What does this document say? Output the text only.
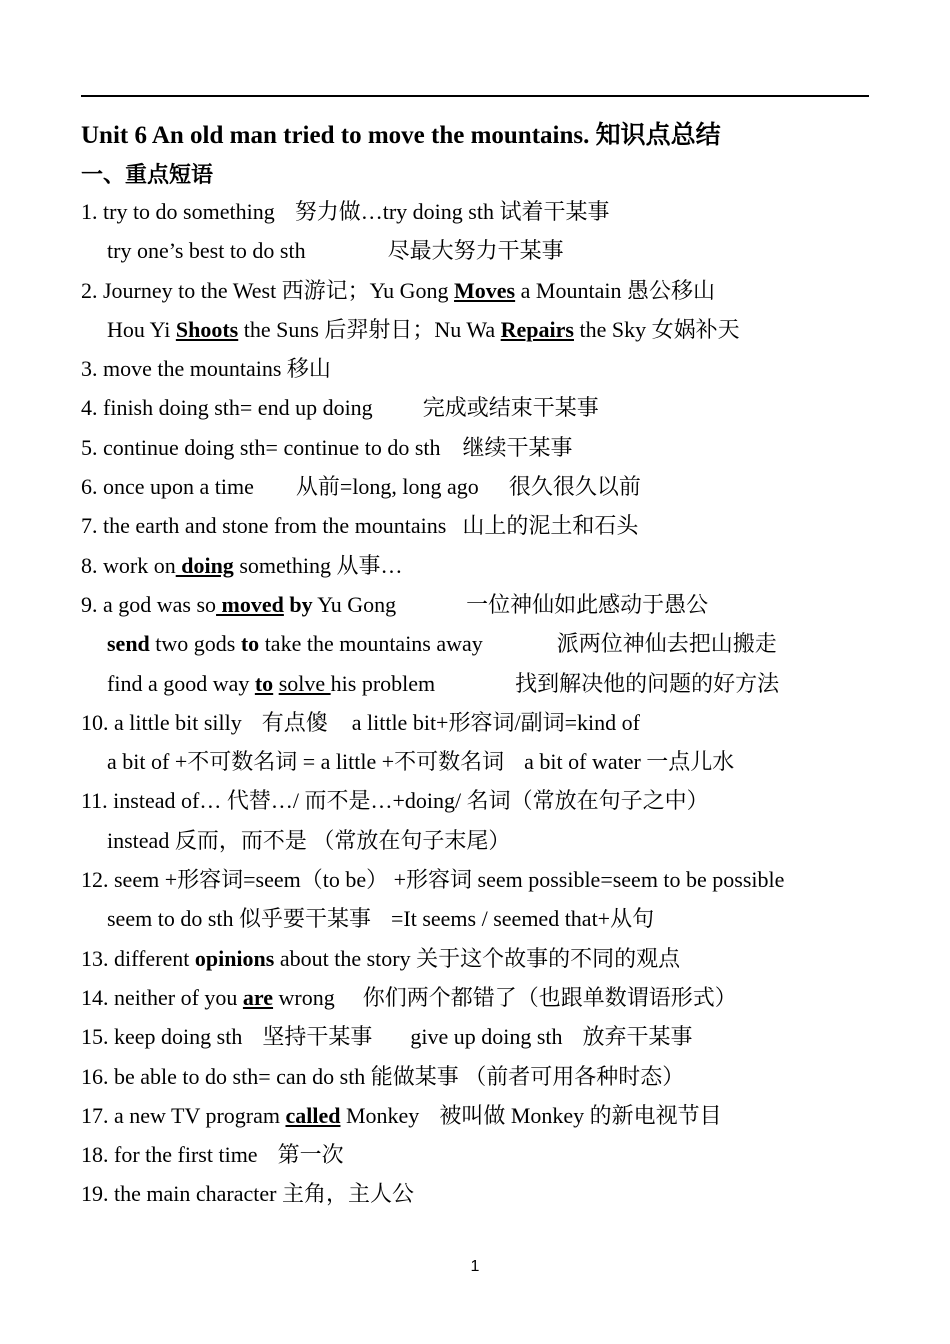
Unit 6 An old man tried to move the mountains. 知识点总结
一、重点短语
1. try to do something 努力做…try doing sth 试着干某事
try one’s best to do sth	尽最大努力干某事
2. Journey to the West 西游记；Yu Gong Moves a Mountain 愚公移山
Hou Yi Shoots the Suns 后羿射日；Nu Wa Repairs the Sky 女娲补天
3. move the mountains 移山
4. finish doing sth= end up doing 完成或结束干某事
5. continue doing sth= continue to do sth 继续干某事
6. once upon a time 从前=long, long ago 很久很久以前
7. the earth and stone from the mountains 山上的泥土和石头
8. work on doing something 从事…
9. a god was so moved by Yu Gong	一位神仙如此感动于愚公
send two gods to take the mountains away	派两位神仙去把山搬走
find a good way to solve his problem	找到解决他的问题的好方法
10. a little bit silly 有点傻 a little bit+形容词/副词=kind of
a bit of +不可数名词 = a little +不可数名词 a bit of water 一点儿水
11. instead of… 代替…/ 而不是…+doing/ 名词（常放在句子之中）
instead 反而，而不是 （常放在句子末尾）
12. seem +形容词=seem（to be） +形容词 seem possible=seem to be possible
seem to do sth 似乎要干某事 =It seems / seemed that+从句
13. different opinions about the story 关于这个故事的不同的观点
14. neither of you are wrong 你们两个都错了（也跟单数谓语形式）
15. keep doing sth 坚持干某事 give up doing sth 放弃干某事
16. be able to do sth= can do sth 能做某事 （前者可用各种时态）
17. a new TV program called Monkey 被叫做 Monkey 的新电视节目
18. for the first time 第一次
19. the main character 主角，主人公
1
